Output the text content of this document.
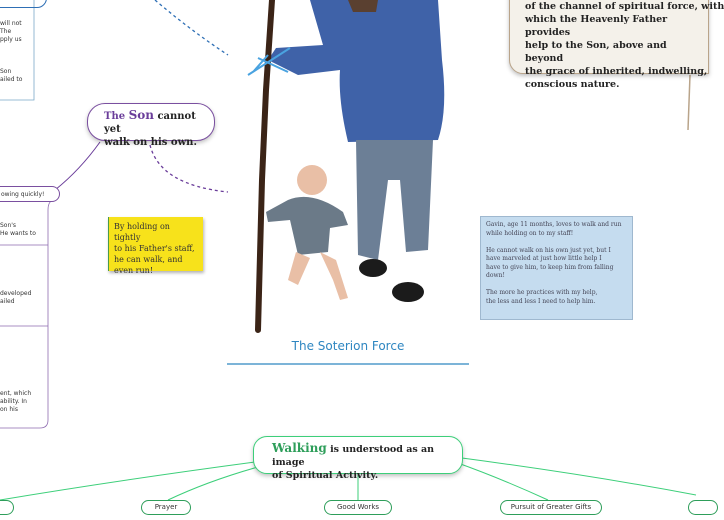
will not
The
pply us
Son
ailed to
owing quickly!
Son's
He wants to
developed
ailed
ent, which
ability. In
on his
The Son cannot yet
walk on his own.
The Soterion Force
By holding on tightly
to his Father's staff,
he can walk, and
even run!
Gavin, age 11 months, loves to walk and run
while holding on to my staff!
He cannot walk on his own just yet, but I
have marveled at just how little help I
have to give him, to keep him from falling
down!
The more he practices with my help,
the less and less I need to help him.
of the channel of spiritual force, with
which the Heavenly Father provides
help to the Son, above and beyond
the grace of inherited, indwelling,
conscious nature.
Walking is understood as an image
of Spiritual Activity.
Prayer	Good Works	Pursuit of Greater Gifts
